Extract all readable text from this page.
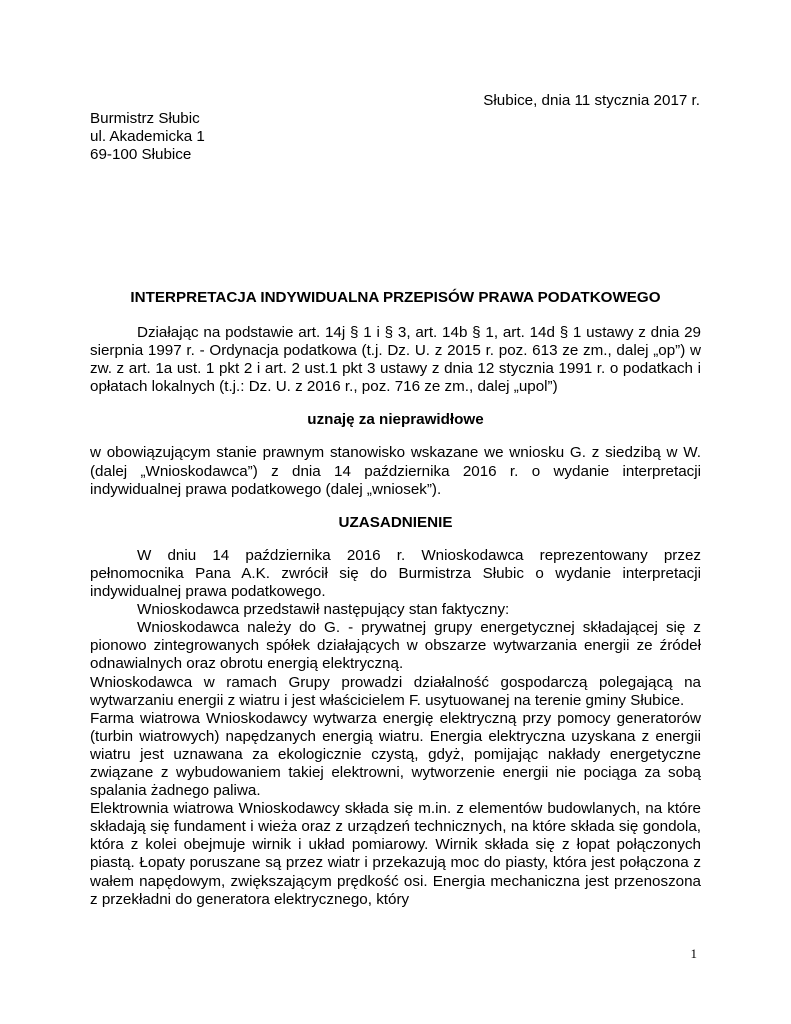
Słubice, dnia 11 stycznia 2017 r.
Burmistrz Słubic
ul. Akademicka 1
69-100 Słubice
INTERPRETACJA INDYWIDUALNA PRZEPISÓW PRAWA PODATKOWEGO

Działając na podstawie art. 14j § 1 i § 3, art. 14b § 1, art. 14d § 1 ustawy z dnia 29 sierpnia 1997 r. - Ordynacja podatkowa (t.j. Dz. U. z 2015 r. poz. 613 ze zm., dalej „op”) w zw. z art. 1a ust. 1 pkt 2 i art. 2 ust.1 pkt 3 ustawy z dnia 12 stycznia 1991 r. o podatkach i opłatach lokalnych (t.j.: Dz. U. z 2016 r., poz. 716 ze zm., dalej „upol”)

uznaję za nieprawidłowe

w obowiązującym stanie prawnym stanowisko wskazane we wniosku G. z siedzibą w W. (dalej „Wnioskodawca”) z dnia 14 października 2016 r. o wydanie interpretacji indywidualnej prawa podatkowego (dalej „wniosek”).

UZASADNIENIE

W dniu 14 października 2016 r. Wnioskodawca reprezentowany przez pełnomocnika Pana A.K. zwrócił się do Burmistrza Słubic o wydanie interpretacji indywidualnej prawa podatkowego.

Wnioskodawca przedstawił następujący stan faktyczny:

Wnioskodawca należy do G. - prywatnej grupy energetycznej składającej się z pionowo zintegrowanych spółek działających w obszarze wytwarzania energii ze źródeł odnawialnych oraz obrotu energią elektryczną.

Wnioskodawca w ramach Grupy prowadzi działalność gospodarczą polegającą na wytwarzaniu energii z wiatru i jest właścicielem F. usytuowanej na terenie gminy Słubice.

Farma wiatrowa Wnioskodawcy wytwarza energię elektryczną przy pomocy generatorów (turbin wiatrowych) napędzanych energią wiatru. Energia elektryczna uzyskana z energii wiatru jest uznawana za ekologicznie czystą, gdyż, pomijając nakłady energetyczne związane z wybudowaniem takiej elektrowni, wytworzenie energii nie pociąga za sobą spalania żadnego paliwa.

Elektrownia wiatrowa Wnioskodawcy składa się m.in. z elementów budowlanych, na które składają się fundament i wieża oraz z urządzeń technicznych, na które składa się gondola, która z kolei obejmuje wirnik i układ pomiarowy. Wirnik składa się z łopat połączonych piastą. Łopaty poruszane są przez wiatr i przekazują moc do piasty, która jest połączona z wałem napędowym, zwiększającym prędkość osi. Energia mechaniczna jest przenoszona z przekładni do generatora elektrycznego, który

1
